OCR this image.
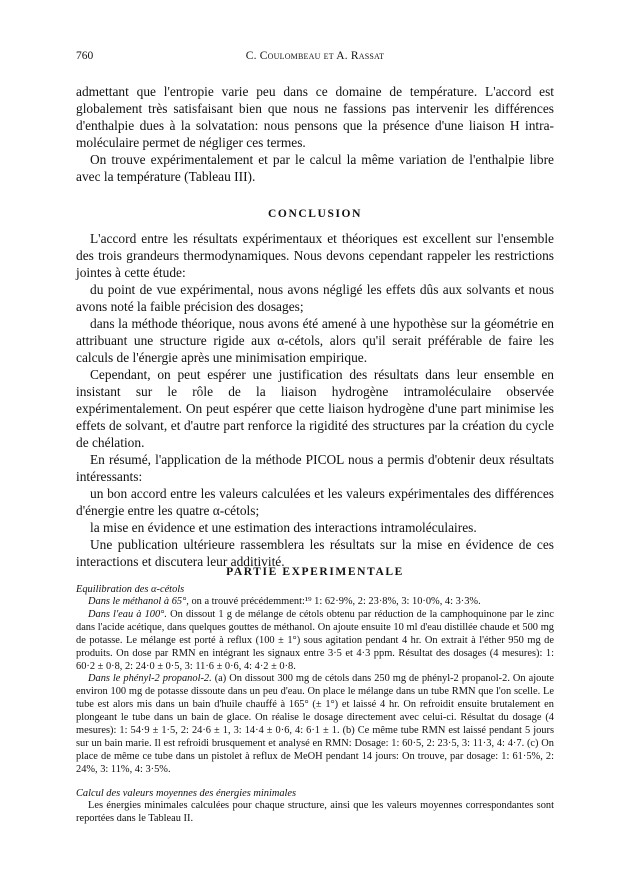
760	C. Coulombeau et A. Rassat

admettant que l'entropie varie peu dans ce domaine de température. L'accord est globalement très satisfaisant bien que nous ne fassions pas intervenir les différences d'enthalpie dues à la solvatation: nous pensons que la présence d'une liaison H intra-moléculaire permet de négliger ces termes.

On trouve expérimentalement et par le calcul la même variation de l'enthalpie libre avec la température (Tableau III).

CONCLUSION

L'accord entre les résultats expérimentaux et théoriques est excellent sur l'ensemble des trois grandeurs thermodynamiques. Nous devons cependant rappeler les restrictions jointes à cette étude:

du point de vue expérimental, nous avons négligé les effets dûs aux solvants et nous avons noté la faible précision des dosages;

dans la méthode théorique, nous avons été amené à une hypothèse sur la géométrie en attribuant une structure rigide aux α-cétols, alors qu'il serait préférable de faire les calculs de l'énergie après une minimisation empirique.

Cependant, on peut espérer une justification des résultats dans leur ensemble en insistant sur le rôle de la liaison hydrogène intramoléculaire observée expérimentalement. On peut espérer que cette liaison hydrogène d'une part minimise les effets de solvant, et d'autre part renforce la rigidité des structures par la création du cycle de chélation.

En résumé, l'application de la méthode PICOL nous a permis d'obtenir deux résultats intéressants:

un bon accord entre les valeurs calculées et les valeurs expérimentales des différences d'énergie entre les quatre α-cétols;

la mise en évidence et une estimation des interactions intramoléculaires.

Une publication ultérieure rassemblera les résultats sur la mise en évidence de ces interactions et discutera leur additivité.

PARTIE EXPERIMENTALE
Equilibration des α-cétols

Dans le méthanol à 65°, on a trouvé précédemment:¹⁹ 1: 62·9%, 2: 23·8%, 3: 10·0%, 4: 3·3%.

Dans l'eau à 100°. On dissout 1 g de mélange de cétols obtenu par réduction de la camphoquinone par le zinc dans l'acide acétique, dans quelques gouttes de méthanol. On ajoute ensuite 10 ml d'eau distillée chaude et 500 mg de potasse. Le mélange est porté à reflux (100 ± 1°) sous agitation pendant 4 hr. On extrait à l'éther 950 mg de produits. On dose par RMN en intégrant les signaux entre 3·5 et 4·3 ppm. Résultat des dosages (4 mesures): 1: 60·2 ± 0·8, 2: 24·0 ± 0·5, 3: 11·6 ± 0·6, 4: 4·2 ± 0·8.

Dans le phényl-2 propanol-2. (a) On dissout 300 mg de cétols dans 250 mg de phényl-2 propanol-2. On ajoute environ 100 mg de potasse dissoute dans un peu d'eau. On place le mélange dans un tube RMN que l'on scelle. Le tube est alors mis dans un bain d'huile chauffé à 165° (± 1°) et laissé 4 hr. On refroidit ensuite brutalement en plongeant le tube dans un bain de glace. On réalise le dosage directement avec celui-ci. Résultat du dosage (4 mesures): 1: 54·9 ± 1·5, 2: 24·6 ± 1, 3: 14·4 ± 0·6, 4: 6·1 ± 1. (b) Ce même tube RMN est laissé pendant 5 jours sur un bain marie. Il est refroidi brusquement et analysé en RMN: Dosage: 1: 60·5, 2: 23·5, 3: 11·3, 4: 4·7. (c) On place de même ce tube dans un pistolet à reflux de MeOH pendant 14 jours: On trouve, par dosage: 1: 61·5%, 2: 24%, 3: 11%, 4: 3·5%.

Calcul des valeurs moyennes des énergies minimales

Les énergies minimales calculées pour chaque structure, ainsi que les valeurs moyennes correspondantes sont reportées dans le Tableau II.
